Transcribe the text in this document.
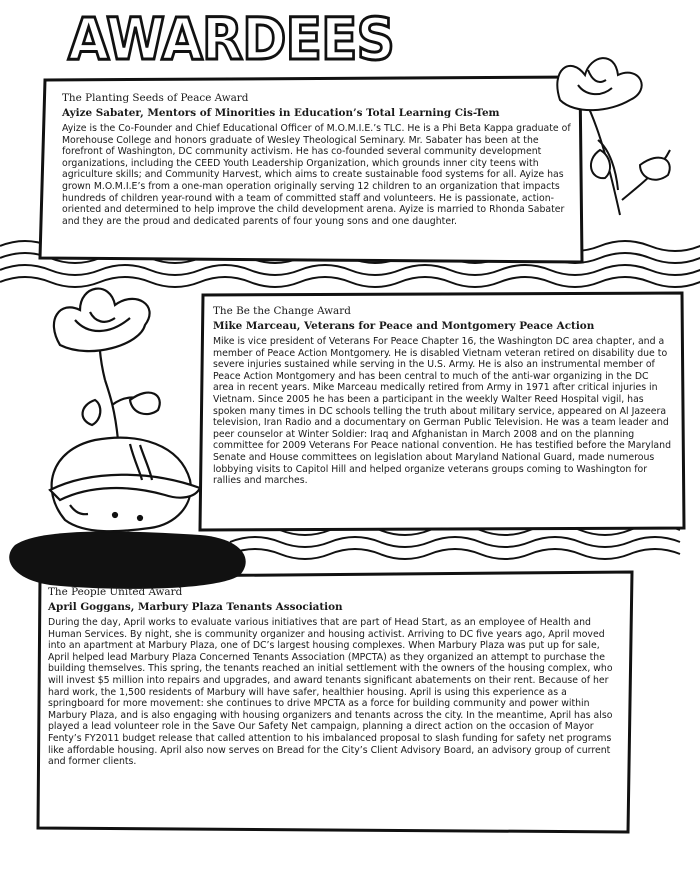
AWARDEES
The Planting Seeds of Peace Award
Ayize Sabater, Mentors of Minorities in Education’s Total Learning Cis-Tem
Ayize is the Co-Founder and Chief Educational Officer of M.O.M.I.E.’s TLC. He is a Phi Beta Kappa graduate of Morehouse College and honors graduate of Wesley Theological Seminary. Mr. Sabater has been at the forefront of Washington, DC community activism. He has co-founded several community development organizations, including the CEED Youth Leadership Organization, which grounds inner city teens with agriculture skills; and Community Harvest, which aims to create sustainable food systems for all. Ayize has grown M.O.M.I.E’s from a one-man operation originally serving 12 children to an organization that impacts hundreds of children year-round with a team of committed staff and volunteers. He is passionate, action-oriented and determined to help improve the child development arena. Ayize is married to Rhonda Sabater and they are the proud and dedicated parents of four young sons and one daughter.
The Be the Change Award
Mike Marceau, Veterans for Peace and Montgomery Peace Action
Mike is vice president of Veterans For Peace Chapter 16, the Washington DC area chapter, and a member of Peace Action Montgomery. He is disabled Vietnam veteran retired on disability due to severe injuries sustained while serving in the U.S. Army. He is also an instrumental member of Peace Action Montgomery and has been central to much of the anti-war organizing in the DC area in recent years. Mike Marceau medically retired from Army in 1971 after critical injuries in Vietnam. Since 2005 he has been a participant in the weekly Walter Reed Hospital vigil, has spoken many times in DC schools telling the truth about military service, appeared on Al Jazeera television, Iran Radio and a documentary on German Public Television. He was a team leader and peer counselor at Winter Soldier: Iraq and Afghanistan in March 2008 and on the planning committee for 2009 Veterans For Peace national convention. He has testified before the Maryland Senate and House committees on legislation about Maryland National Guard, made numerous lobbying visits to Capitol Hill and helped organize veterans groups coming to Washington for rallies and marches.
The People United Award
April Goggans, Marbury Plaza Tenants Association
During the day, April works to evaluate various initiatives that are part of Head Start, as an employee of Health and Human Services. By night, she is community organizer and housing activist. Arriving to DC five years ago, April moved into an apartment at Marbury Plaza, one of DC’s largest housing complexes. When Marbury Plaza was put up for sale, April helped lead Marbury Plaza Concerned Tenants Association (MPCTA) as they organized an attempt to purchase the building themselves. This spring, the tenants reached an initial settlement with the owners of the housing complex, who will invest $5 million into repairs and upgrades, and award tenants significant abatements on their rent. Because of her hard work, the 1,500 residents of Marbury will have safer, healthier housing. April is using this experience as a springboard for more movement: she continues to drive MPCTA as a force for building community and power within Marbury Plaza, and is also engaging with housing organizers and tenants across the city. In the meantime, April has also played a lead volunteer role in the Save Our Safety Net campaign, planning a direct action on the occasion of Mayor Fenty’s FY2011 budget release that called attention to his imbalanced proposal to slash funding for safety net programs like affordable housing. April also now serves on Bread for the City’s Client Advisory Board, an advisory group of current and former clients.
